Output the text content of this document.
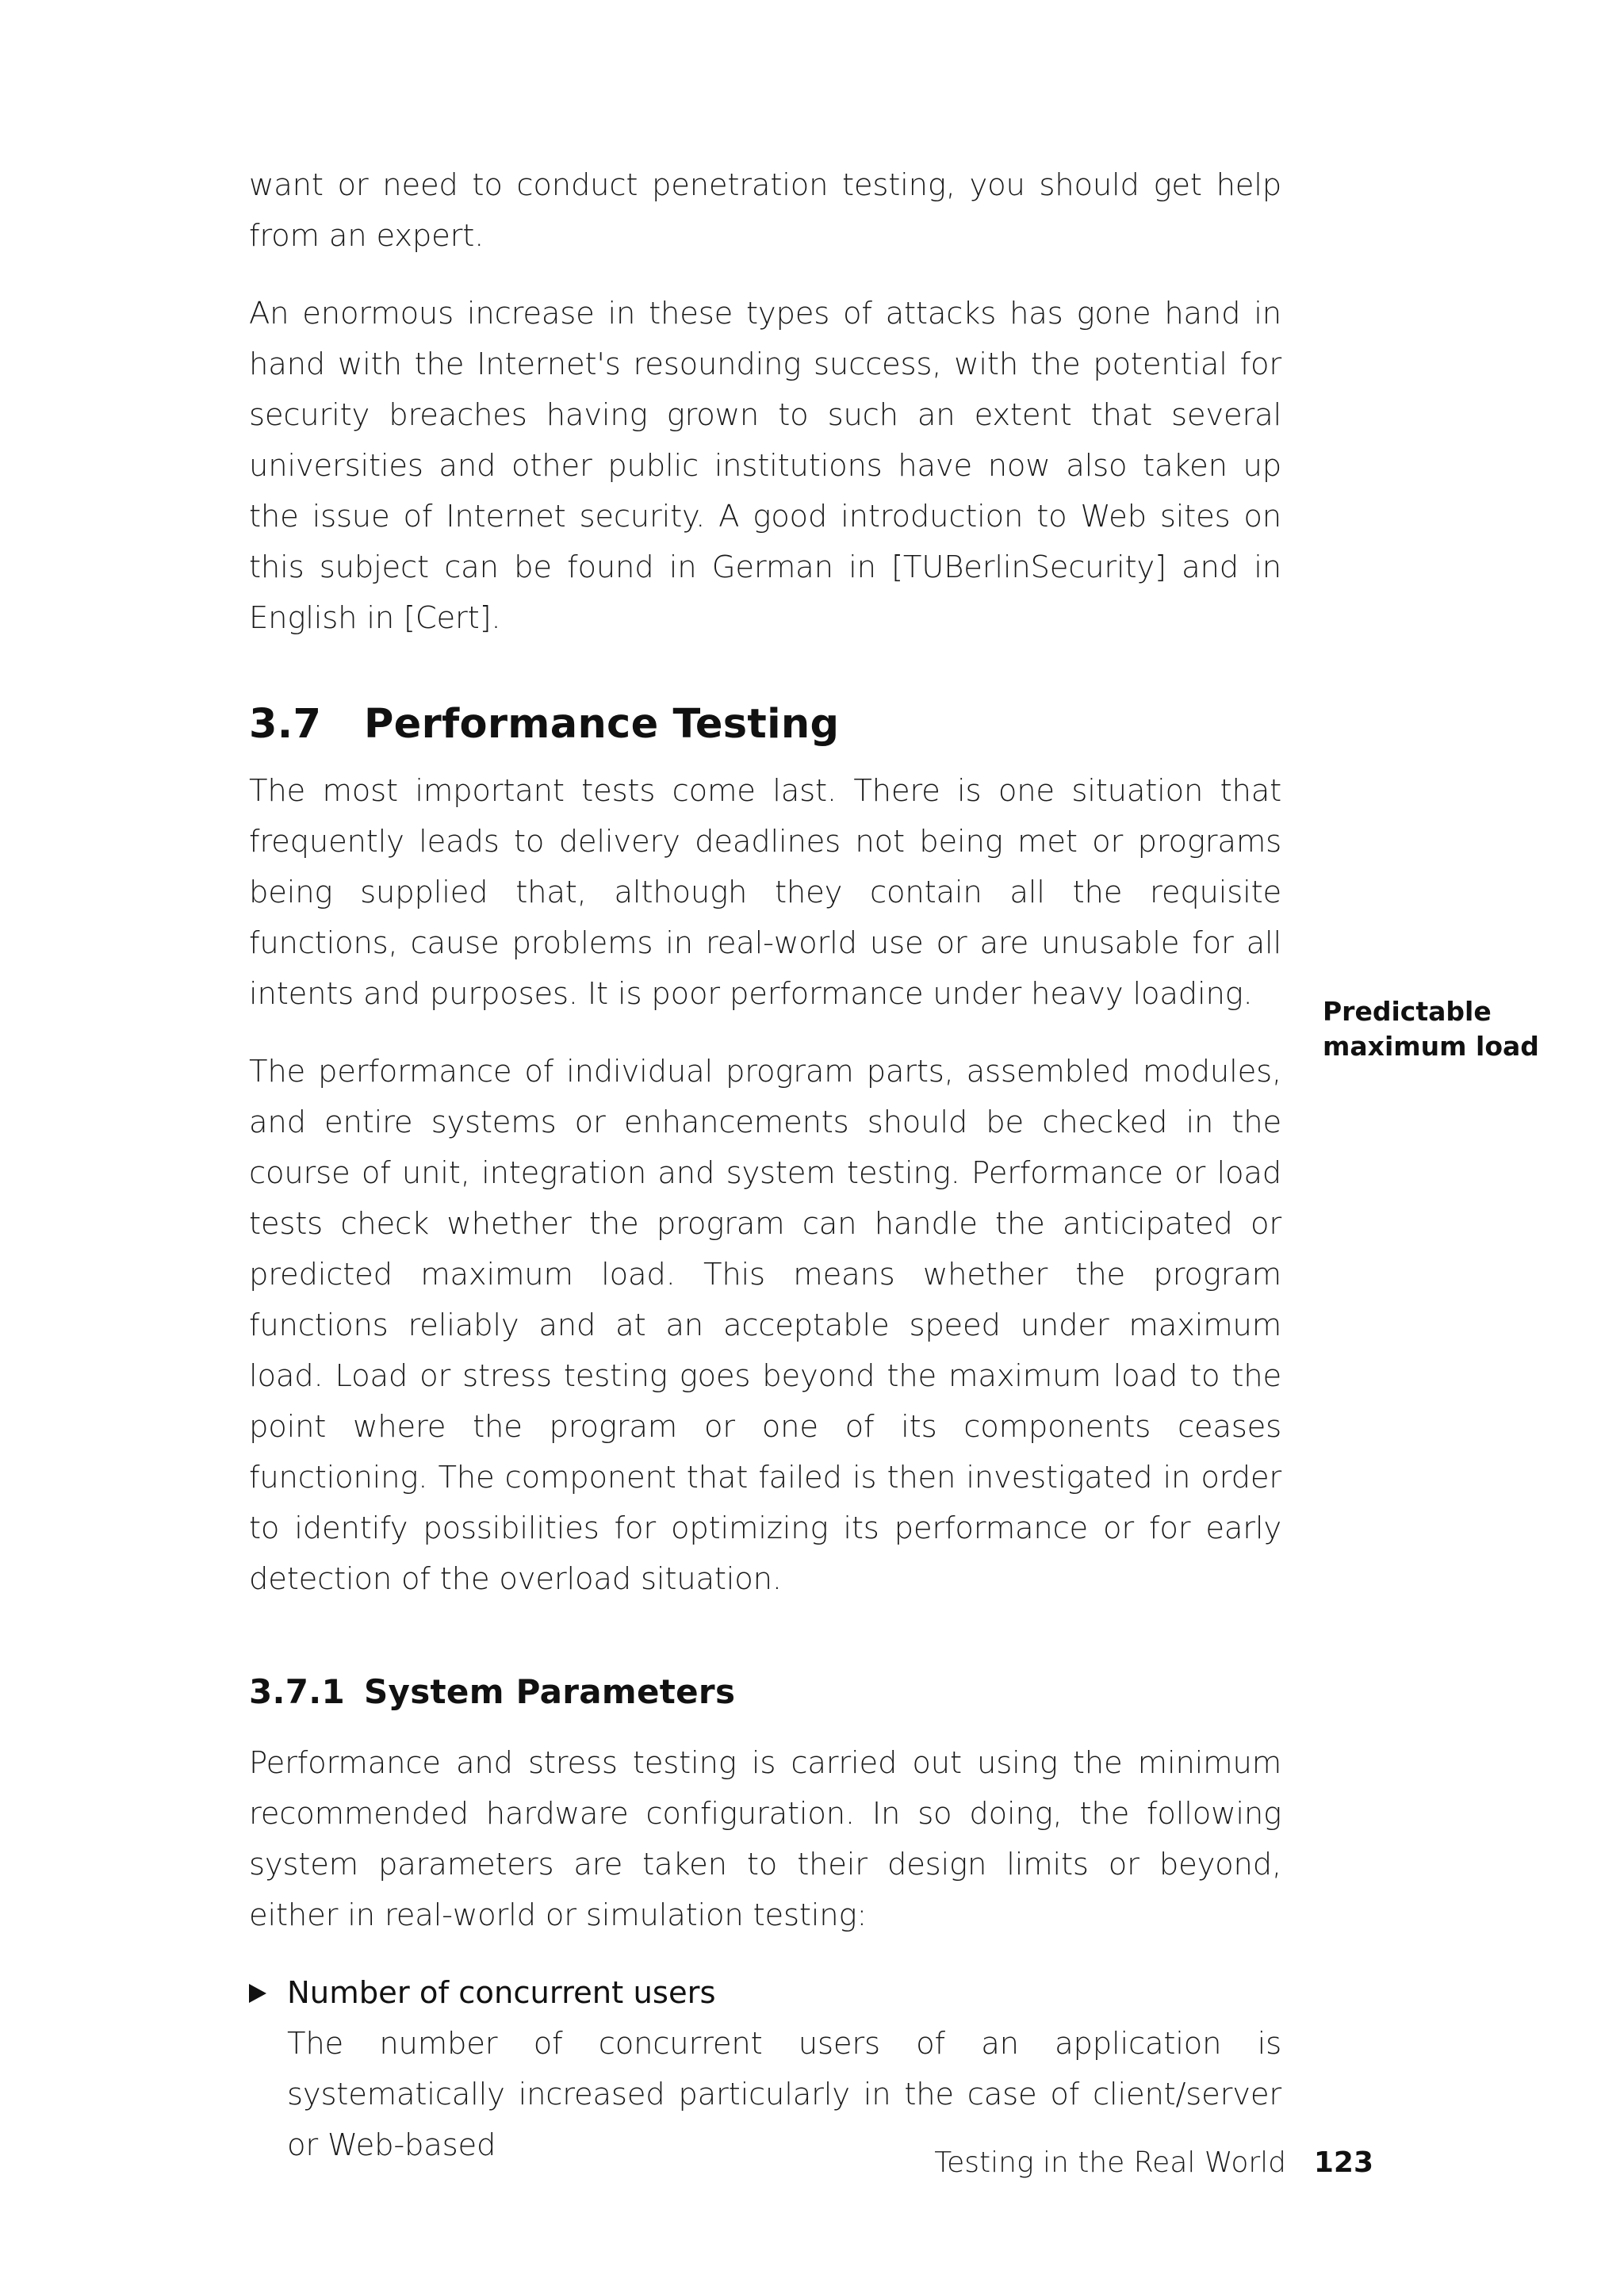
want or need to conduct penetration testing, you should get help from an expert.

An enormous increase in these types of attacks has gone hand in hand with the Internet's resounding success, with the potential for security breaches having grown to such an extent that several universities and other public institutions have now also taken up the issue of Internet security. A good introduction to Web sites on this subject can be found in German in [TUBerlinSecurity] and in English in [Cert].

3.7 Performance Testing

The most important tests come last. There is one situation that frequently leads to delivery deadlines not being met or programs being supplied that, although they contain all the requisite functions, cause problems in real-world use or are unusable for all intents and purposes. It is poor performance under heavy loading.

The performance of individual program parts, assembled modules, and entire systems or enhancements should be checked in the course of unit, integration and system testing. Performance or load tests check whether the program can handle the anticipated or predicted maximum load. This means whether the program functions reliably and at an acceptable speed under maximum load. Load or stress testing goes beyond the maximum load to the point where the program or one of its components ceases functioning. The component that failed is then investigated in order to identify possibilities for optimizing its performance or for early detection of the overload situation.

3.7.1 System Parameters

Performance and stress testing is carried out using the minimum recommended hardware configuration. In so doing, the following system parameters are taken to their design limits or beyond, either in real-world or simulation testing:

Number of concurrent users

The number of concurrent users of an application is systematically increased particularly in the case of client/server or Web-based

Predictable
maximum load
Testing in the Real World 123
